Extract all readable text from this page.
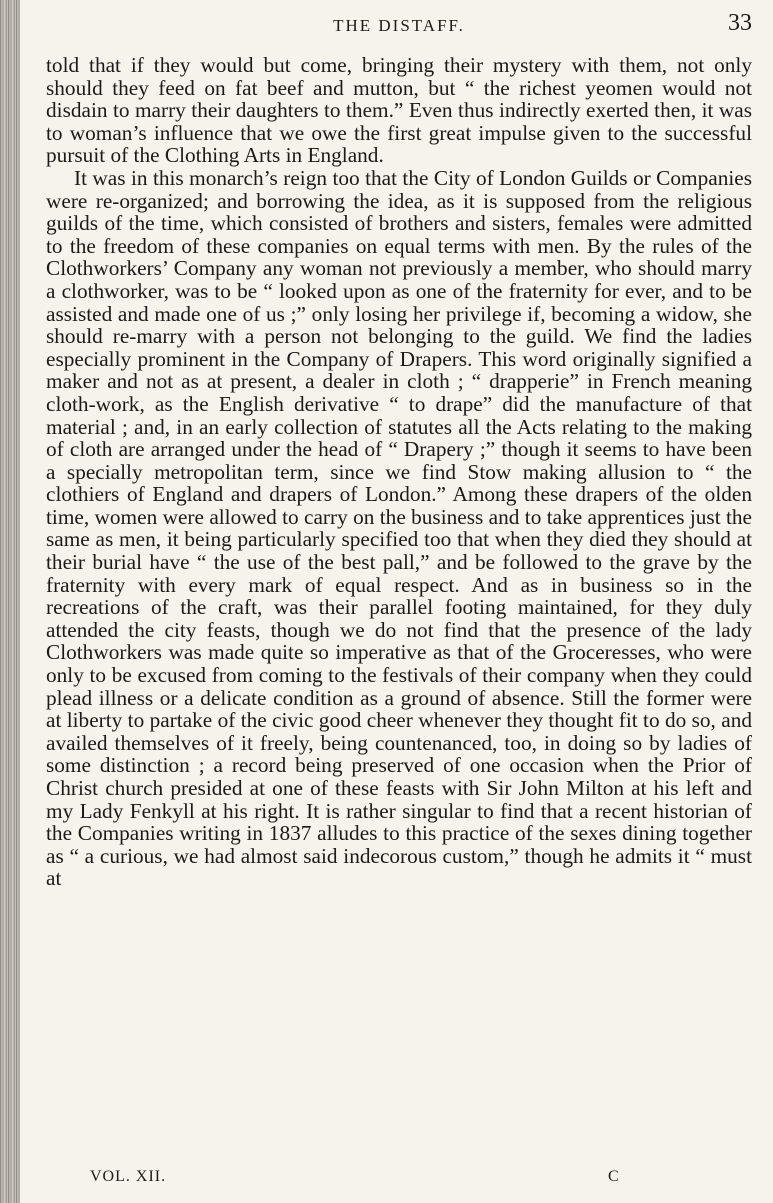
THE DISTAFF.	33

told that if they would but come, bringing their mystery with them, not only should they feed on fat beef and mutton, but “ the richest yeomen would not disdain to marry their daughters to them.” Even thus indirectly exerted then, it was to woman’s influence that we owe the first great impulse given to the successful pursuit of the Clothing Arts in England.

It was in this monarch’s reign too that the City of London Guilds or Companies were re-organized; and borrowing the idea, as it is supposed from the religious guilds of the time, which consisted of brothers and sisters, females were admitted to the freedom of these companies on equal terms with men. By the rules of the Clothworkers’ Company any woman not previously a member, who should marry a clothworker, was to be “ looked upon as one of the fraternity for ever, and to be assisted and made one of us ;” only losing her privilege if, becoming a widow, she should re-marry with a person not belonging to the guild. We find the ladies especially prominent in the Company of Drapers. This word originally signified a maker and not as at present, a dealer in cloth ; “ drapperie” in French meaning cloth-work, as the English derivative “ to drape” did the manufacture of that material ; and, in an early collection of statutes all the Acts relating to the making of cloth are arranged under the head of “ Drapery ;” though it seems to have been a specially metropolitan term, since we find Stow making allusion to “ the clothiers of England and drapers of London.” Among these drapers of the olden time, women were allowed to carry on the business and to take apprentices just the same as men, it being particularly specified too that when they died they should at their burial have “ the use of the best pall,” and be followed to the grave by the fraternity with every mark of equal respect. And as in business so in the recreations of the craft, was their parallel footing maintained, for they duly attended the city feasts, though we do not find that the presence of the lady Clothworkers was made quite so imperative as that of the Groceresses, who were only to be excused from coming to the festivals of their company when they could plead illness or a delicate condition as a ground of absence. Still the former were at liberty to partake of the civic good cheer whenever they thought fit to do so, and availed themselves of it freely, being countenanced, too, in doing so by ladies of some distinction ; a record being preserved of one occasion when the Prior of Christ church presided at one of these feasts with Sir John Milton at his left and my Lady Fenkyll at his right. It is rather singular to find that a recent historian of the Companies writing in 1837 alludes to this practice of the sexes dining together as “ a curious, we had almost said indecorous custom,” though he admits it “ must at

VOL. XII.	C
